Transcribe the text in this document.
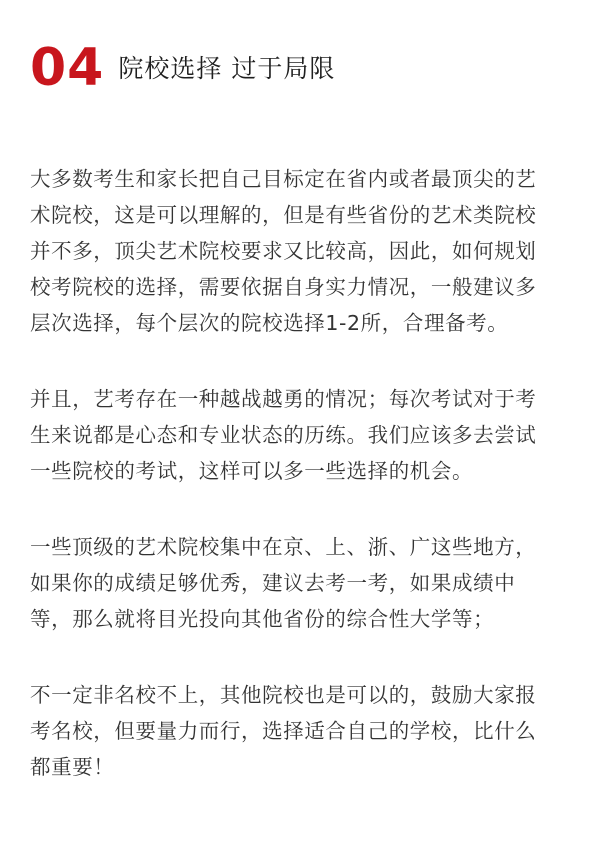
04 院校选择 过于局限

大多数考生和家长把自己目标定在省内或者最顶尖的艺
术院校，这是可以理解的，但是有些省份的艺术类院校
并不多，顶尖艺术院校要求又比较高，因此，如何规划
校考院校的选择，需要依据自身实力情况，一般建议多
层次选择，每个层次的院校选择1-2所，合理备考。

并且，艺考存在一种越战越勇的情况；每次考试对于考
生来说都是心态和专业状态的历练。我们应该多去尝试
一些院校的考试，这样可以多一些选择的机会。

一些顶级的艺术院校集中在京、上、浙、广这些地方，
如果你的成绩足够优秀，建议去考一考，如果成绩中
等，那么就将目光投向其他省份的综合性大学等；

不一定非名校不上，其他院校也是可以的，鼓励大家报
考名校，但要量力而行，选择适合自己的学校，比什么
都重要！
